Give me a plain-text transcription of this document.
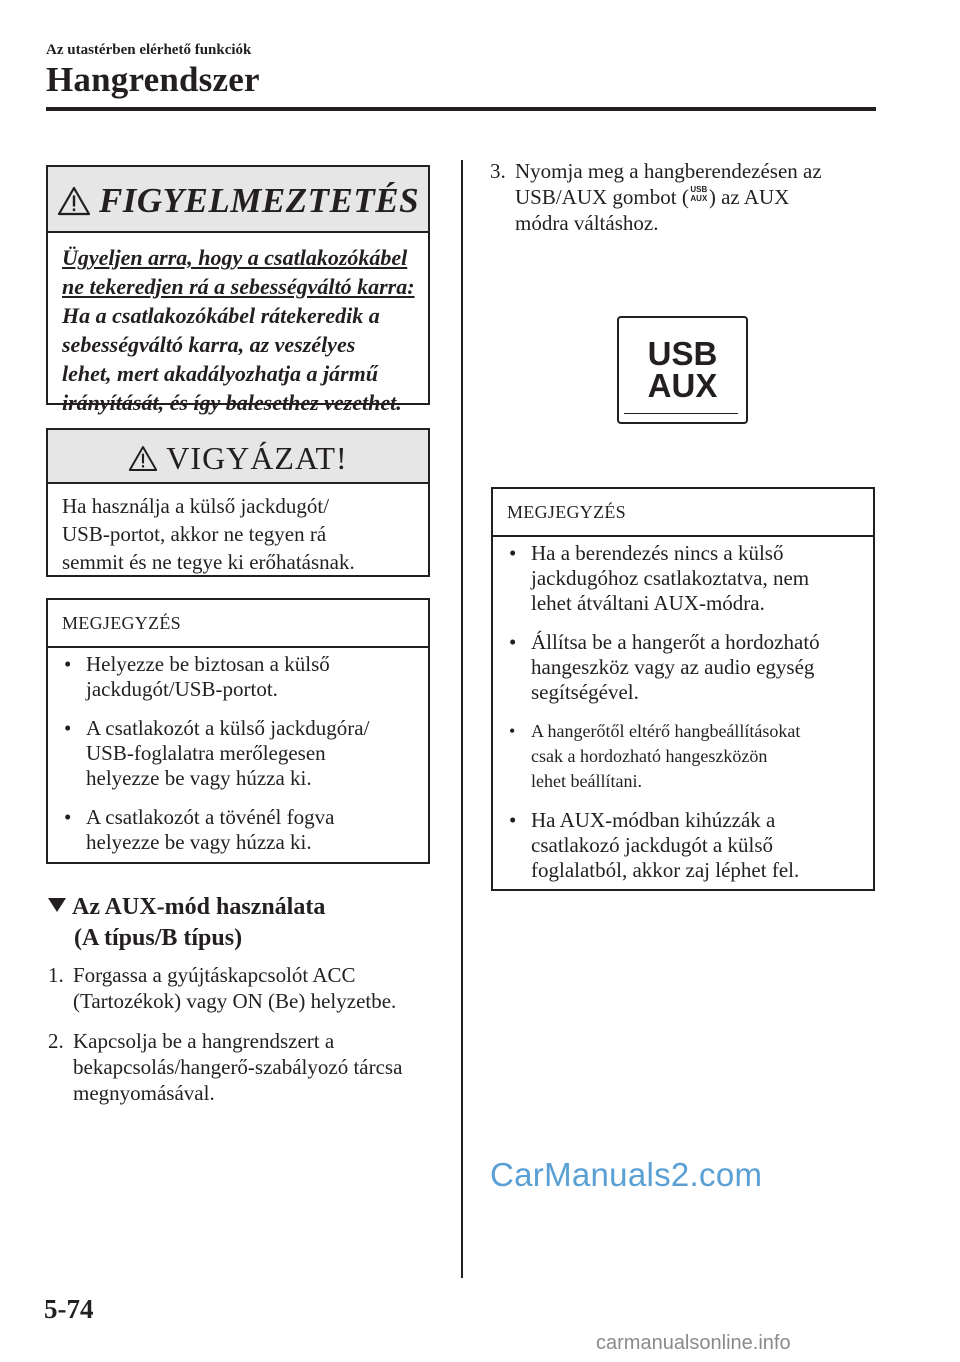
Az utastérben elérhető funkciók
Hangrendszer
FIGYELMEZTETÉS
Ügyeljen arra, hogy a csatlakozókábel
ne tekeredjen rá a sebességváltó karra:
Ha a csatlakozókábel rátekeredik a
sebességváltó karra, az veszélyes
lehet, mert akadályozhatja a jármű
irányítását, és így balesethez vezethet.
VIGYÁZAT!
Ha használja a külső jackdugót/
USB-portot, akkor ne tegyen rá
semmit és ne tegye ki erőhatásnak.
MEGJEGYZÉS
• Helyezze be biztosan a külső
jackdugót/USB-portot.
• A csatlakozót a külső jackdugóra/
USB-foglalatra merőlegesen
helyezze be vagy húzza ki.
• A csatlakozót a tövénél fogva
helyezze be vagy húzza ki.
Az AUX-mód használata
(A típus/B típus)
1. Forgassa a gyújtáskapcsolót ACC
(Tartozékok) vagy ON (Be) helyzetbe.
2. Kapcsolja be a hangrendszert a
bekapcsolás/hangerő-szabályozó tárcsa
megnyomásával.
3. Nyomja meg a hangberendezésen az
USB/AUX gombot ( USB
AUX ) az AUX
módra váltáshoz.
USB
AUX
MEGJEGYZÉS
• Ha a berendezés nincs a külső
jackdugóhoz csatlakoztatva, nem
lehet átváltani AUX-módra.
• Állítsa be a hangerőt a hordozható
hangeszköz vagy az audio egység
segítségével.
• A hangerőtől eltérő hangbeállításokat
csak a hordozható hangeszközön
lehet beállítani.
• Ha AUX-módban kihúzzák a
csatlakozó jackdugót a külső
foglalatból, akkor zaj léphet fel.
CarManuals2.com
5-74
carmanualsonline.info
